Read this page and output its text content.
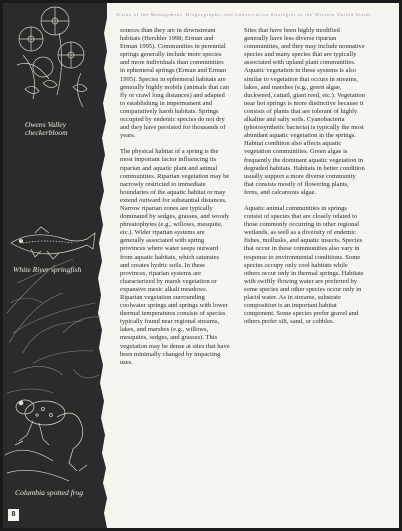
Owens Valley checkerbloom
White River springfish
Columbia spotted frog
8
Status of the Management, Biogeography, and Conservation Strategies in the Western United States

sources than they are in downstream habitats (Hershler 1998; Erman and Erman 1995). Communities in perennial springs generally include more species and more individuals than communities in ephemeral springs (Erman and Erman 1995). Species in ephemeral habitats are generally highly mobile (animals that can fly or crawl long distances) and adapted to establishing in impermanent and comparatively harsh habitats. Springs occupied by endemic species do not dry and they have persisted for thousands of years.

The physical habitat of a spring is the most important factor influencing its riparian and aquatic plant and animal communities. Riparian vegetation may be narrowly restricted to immediate boundaries of the aquatic habitat or may extend outward for substantial distances. Narrow riparian zones are typically dominated by sedges, grasses, and woody phreatophytes (e.g., willows, mesquite, etc.). Wider riparian systems are generally associated with spring provinces where water seeps outward from aquatic habitats, which saturates and creates hydric soils. In these provinces, riparian systems are characterized by marsh vegetation or expansive mesic alkali meadows. Riparian vegetation surrounding coolwater springs and springs with lower thermal temperatures consists of species typically found near regional streams, lakes, and marshes (e.g., willows, mesquites, sedges, and grasses). This vegetation may be dense at sites that have been minimally changed by impacting uses.

Sites that have been highly modified generally have less diverse riparian communities, and they may include nonnative species and many species that are typically associated with upland plant communities. Aquatic vegetation in these systems is also similar to vegetation that occurs in streams, lakes, and marshes (e.g., green algae, duckweed, cattail, giant reed, etc.). Vegetation near hot springs is more distinctive because it consists of plants that are tolerant of highly alkaline and salty soils. Cyanobacteria (photosynthetic bacteria) is typically the most abundant aquatic vegetation in the springs. Habitat condition also affects aquatic vegetation communities. Green algae is frequently the dominant aquatic vegetation in degraded habitats. Habitats in better condition usually support a more diverse community that consists mostly of flowering plants, ferns, and calcareous algae.

Aquatic animal communities in springs consist of species that are closely related to those commonly occurring in other regional wetlands, as well as a diversity of endemic fishes, mollusks, and aquatic insects. Species that occur in these communities also vary in response to environmental conditions. Some species occupy only cool habitats while others occur only in thermal springs. Habitats with swiftly flowing water are preferred by some species and other species occur only in placid water. As in streams, substrate composition is an important habitat component. Some species prefer gravel and others prefer silt, sand, or cobbles.
